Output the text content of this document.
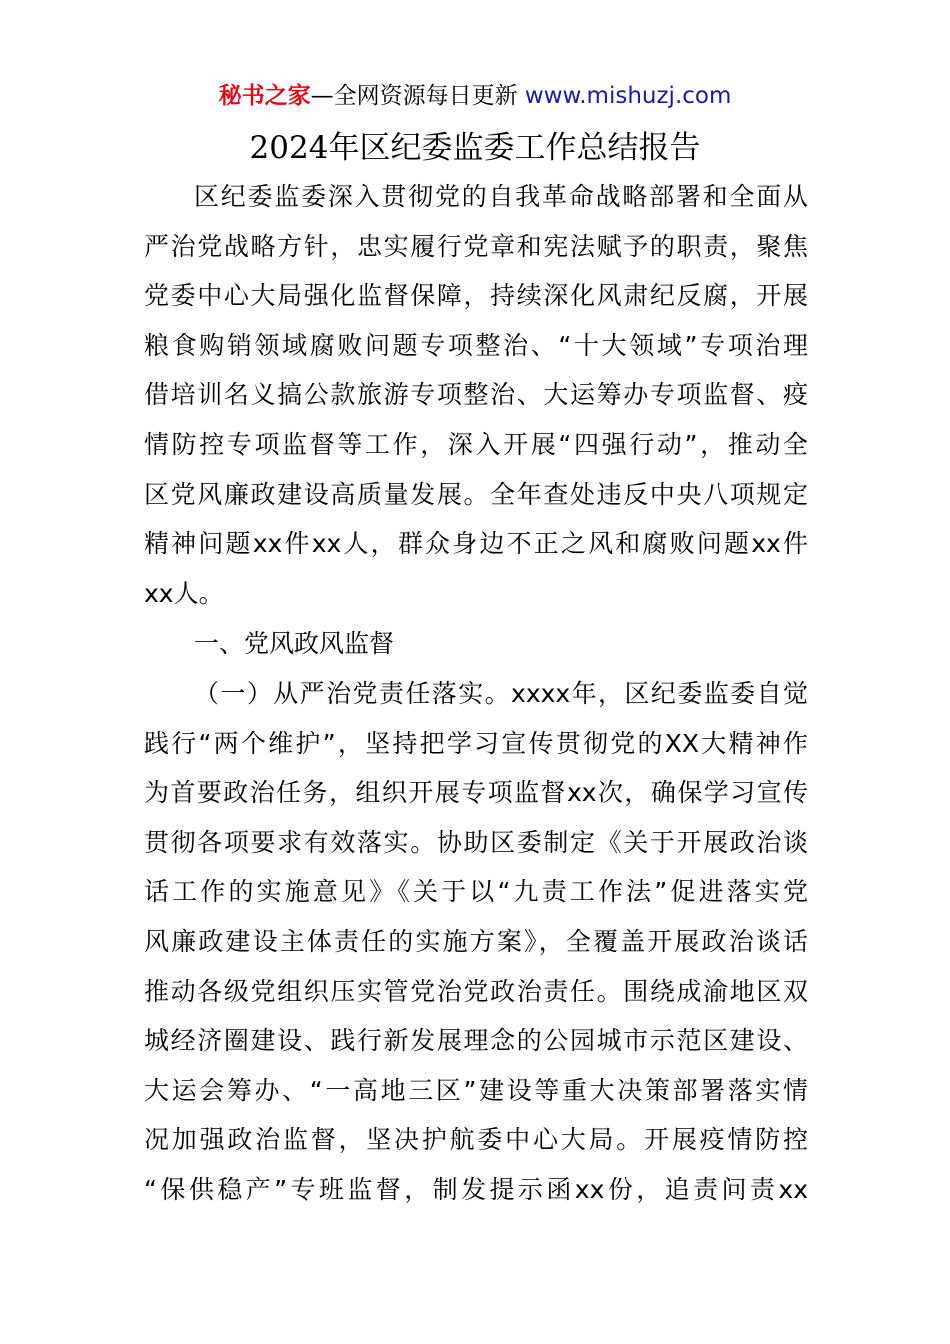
秘书之家—全网资源每日更新 www.mishuzj.com
2024年区纪委监委工作总结报告
区纪委监委深入贯彻党的自我革命战略部署和全面从
严治党战略方针，忠实履行党章和宪法赋予的职责，聚焦
党委中心大局强化监督保障，持续深化风肃纪反腐，开展
粮食购销领域腐败问题专项整治、“十大领域”专项治理
借培训名义搞公款旅游专项整治、大运筹办专项监督、疫
情防控专项监督等工作，深入开展“四强行动”，推动全
区党风廉政建设高质量发展。全年查处违反中央八项规定
精神问题xx件xx人，群众身边不正之风和腐败问题xx件
xx人。
一、党风政风监督
（一）从严治党责任落实。xxxx年，区纪委监委自觉
践行“两个维护”，坚持把学习宣传贯彻党的XX大精神作
为首要政治任务，组织开展专项监督xx次，确保学习宣传
贯彻各项要求有效落实。协助区委制定《关于开展政治谈
话工作的实施意见》《关于以“九责工作法”促进落实党
风廉政建设主体责任的实施方案》，全覆盖开展政治谈话
推动各级党组织压实管党治党政治责任。围绕成渝地区双
城经济圈建设、践行新发展理念的公园城市示范区建设、
大运会筹办、“一高地三区”建设等重大决策部署落实情
况加强政治监督，坚决护航委中心大局。开展疫情防控
“保供稳产”专班监督，制发提示函xx份，追责问责xx
